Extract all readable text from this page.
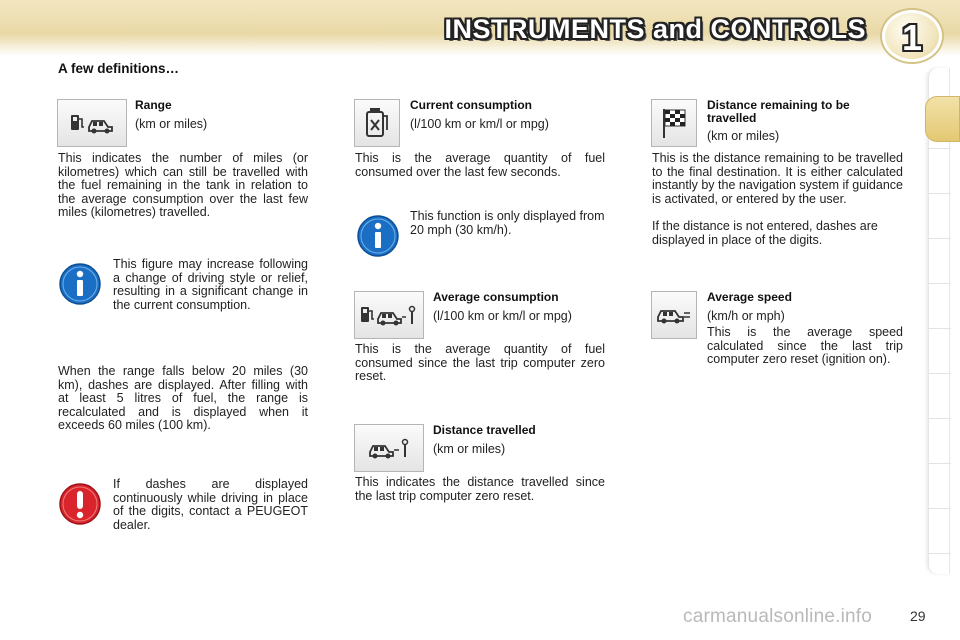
INSTRUMENTS and CONTROLS 1
A few definitions…
Range
(km or miles)
This indicates the number of miles (or kilometres) which can still be travelled with the fuel remaining in the tank in relation to the average consumption over the last few miles (kilometres) travelled.
This figure may increase following a change of driving style or relief, resulting in a significant change in the current consumption.
When the range falls below 20 miles (30 km), dashes are displayed. After filling with at least 5 litres of fuel, the range is recalculated and is displayed when it exceeds 60 miles (100 km).
If dashes are displayed continuously while driving in place of the digits, contact a PEUGEOT dealer.
Current consumption
(l/100 km or km/l or mpg)
This is the average quantity of fuel consumed over the last few seconds.
This function is only displayed from 20 mph (30 km/h).
Average consumption
(l/100 km or km/l or mpg)
This is the average quantity of fuel consumed since the last trip computer zero reset.
Distance travelled
(km or miles)
This indicates the distance travelled since the last trip computer zero reset.
Distance remaining to be travelled
(km or miles)
This is the distance remaining to be travelled to the final destination. It is either calculated instantly by the navigation system if guidance is activated, or entered by the user.
If the distance is not entered, dashes are displayed in place of the digits.
Average speed
(km/h or mph)
This is the average speed calculated since the last trip computer zero reset (ignition on).
carmanualsonline.info	29
